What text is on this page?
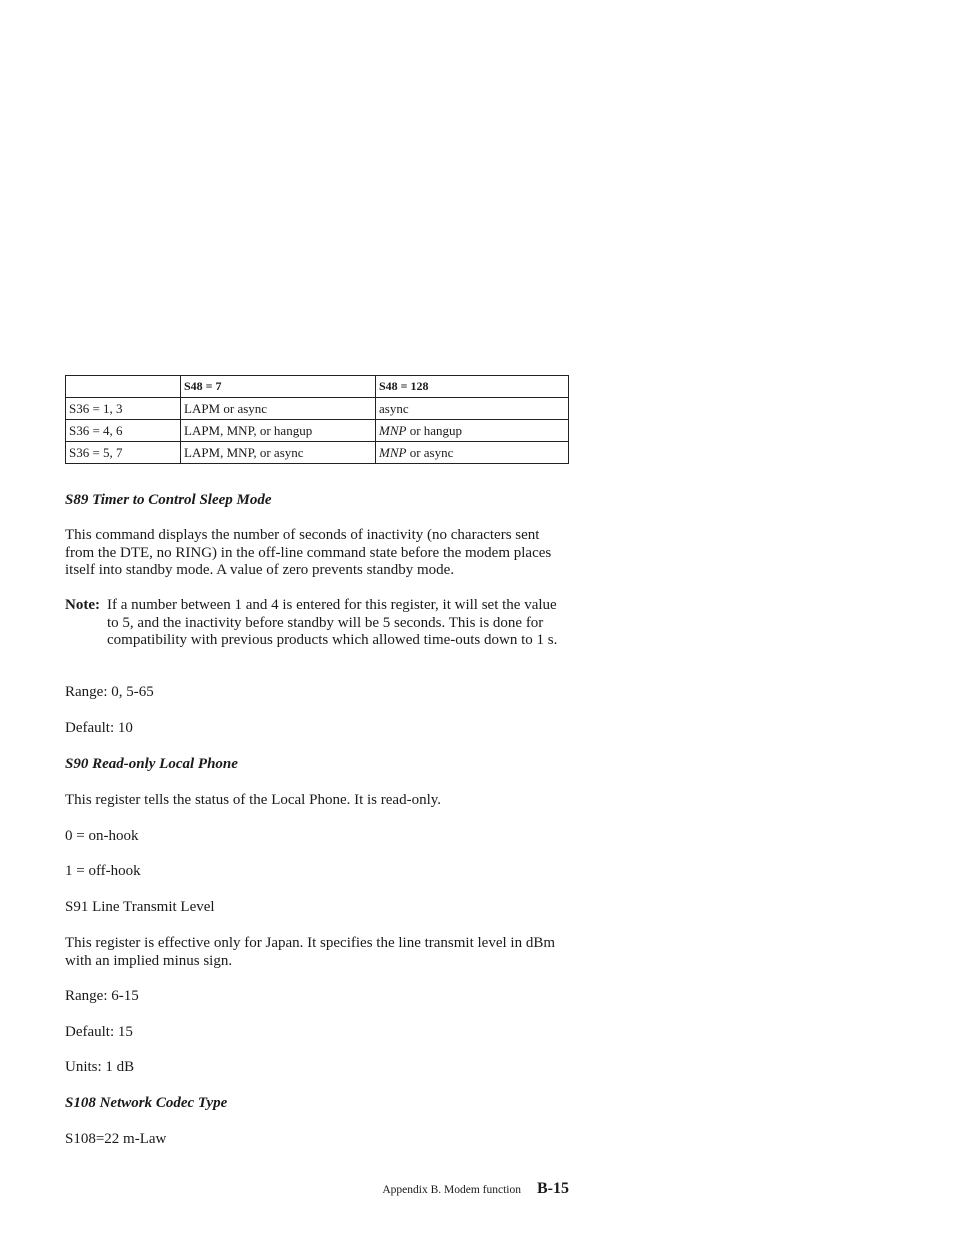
	S48 = 7	S48 = 128
S36 = 1, 3	LAPM or async	async
S36 = 4, 6	LAPM, MNP, or hangup	MNP or hangup
S36 = 5, 7	LAPM, MNP, or async	MNP or async
S89 Timer to Control Sleep Mode
This command displays the number of seconds of inactivity (no characters sent from the DTE, no RING) in the off-line command state before the modem places itself into standby mode. A value of zero prevents standby mode.
Note: If a number between 1 and 4 is entered for this register, it will set the value to 5, and the inactivity before standby will be 5 seconds. This is done for compatibility with previous products which allowed time-outs down to 1 s.
Range: 0, 5-65
Default: 10
S90 Read-only Local Phone
This register tells the status of the Local Phone. It is read-only.
0 = on-hook
1 = off-hook
S91 Line Transmit Level
This register is effective only for Japan. It specifies the line transmit level in dBm with an implied minus sign.
Range: 6-15
Default: 15
Units: 1 dB
S108 Network Codec Type
S108=22 m-Law
Appendix B. Modem function B-15
